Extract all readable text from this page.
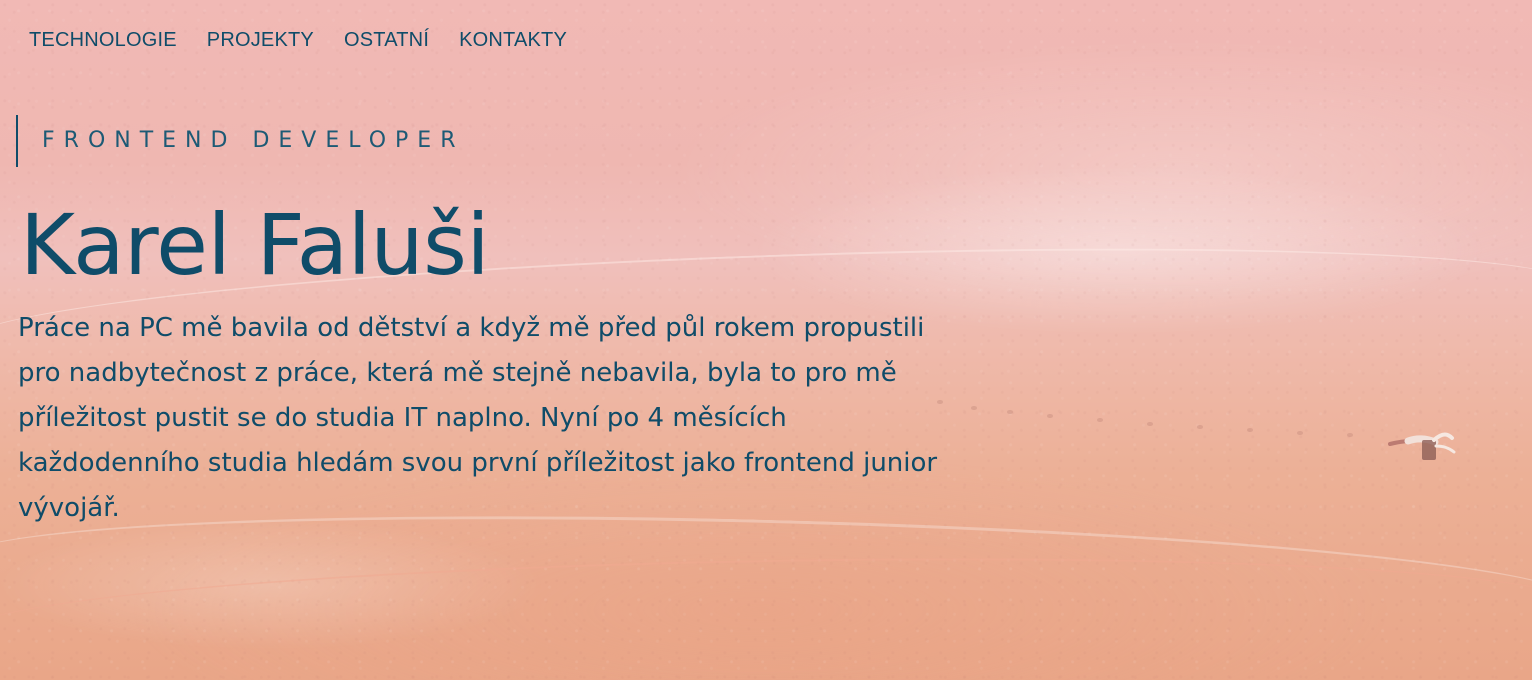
TECHNOLOGIE PROJEKTY OSTATNÍ KONTAKTY
FRONTEND DEVELOPER
Karel Faluši

Práce na PC mě bavila od dětství a když mě před půl rokem propustili pro nadbytečnost z práce, která mě stejně nebavila, byla to pro mě příležitost pustit se do studia IT naplno. Nyní po 4 měsících každodenního studia hledám svou první příležitost jako frontend junior vývojář.
